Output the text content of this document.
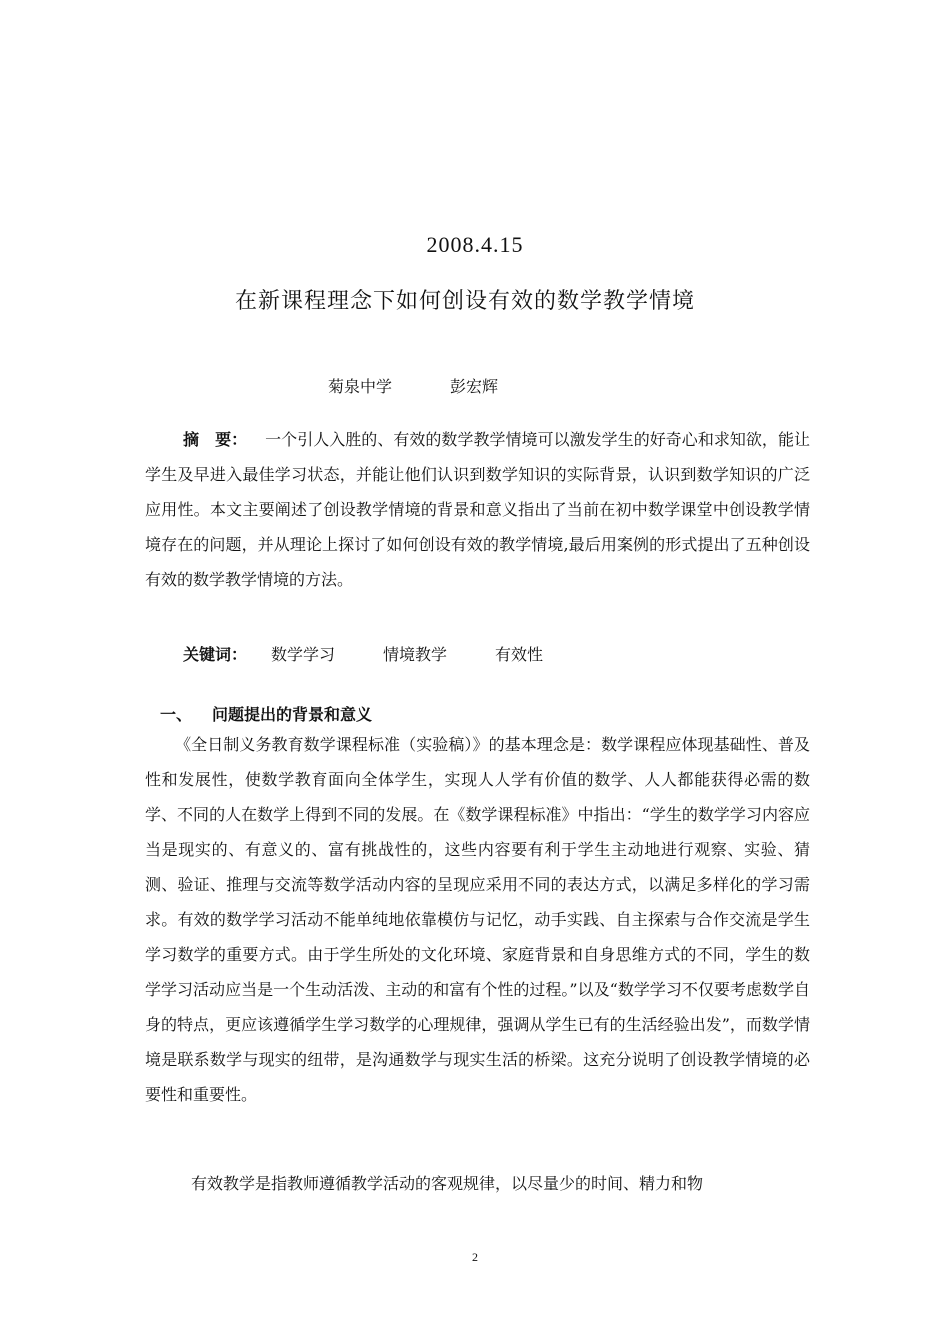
2008.4.15
在新课程理念下如何创设有效的数学教学情境
菊泉中学	彭宏辉
摘　要： 一个引人入胜的、有效的数学教学情境可以激发学生的好奇心和求知欲，能让学生及早进入最佳学习状态，并能让他们认识到数学知识的实际背景，认识到数学知识的广泛应用性。本文主要阐述了创设教学情境的背景和意义指出了当前在初中数学课堂中创设教学情境存在的问题，并从理论上探讨了如何创设有效的教学情境,最后用案例的形式提出了五种创设有效的数学教学情境的方法。
关键词： 数学学习	情境教学	有效性
一、 问题提出的背景和意义
《全日制义务教育数学课程标准（实验稿）》的基本理念是：数学课程应体现基础性、普及性和发展性，使数学教育面向全体学生，实现人人学有价值的数学、人人都能获得必需的数学、不同的人在数学上得到不同的发展。在《数学课程标准》中指出：“学生的数学学习内容应当是现实的、有意义的、富有挑战性的，这些内容要有利于学生主动地进行观察、实验、猜测、验证、推理与交流等数学活动内容的呈现应采用不同的表达方式，以满足多样化的学习需求。有效的数学学习活动不能单纯地依靠模仿与记忆，动手实践、自主探索与合作交流是学生学习数学的重要方式。由于学生所处的文化环境、家庭背景和自身思维方式的不同，学生的数学学习活动应当是一个生动活泼、主动的和富有个性的过程。”以及“数学学习不仅要考虑数学自身的特点，更应该遵循学生学习数学的心理规律，强调从学生已有的生活经验出发”，而数学情境是联系数学与现实的纽带，是沟通数学与现实生活的桥梁。这充分说明了创设教学情境的必要性和重要性。
有效教学是指教师遵循教学活动的客观规律，以尽量少的时间、精力和物
2
